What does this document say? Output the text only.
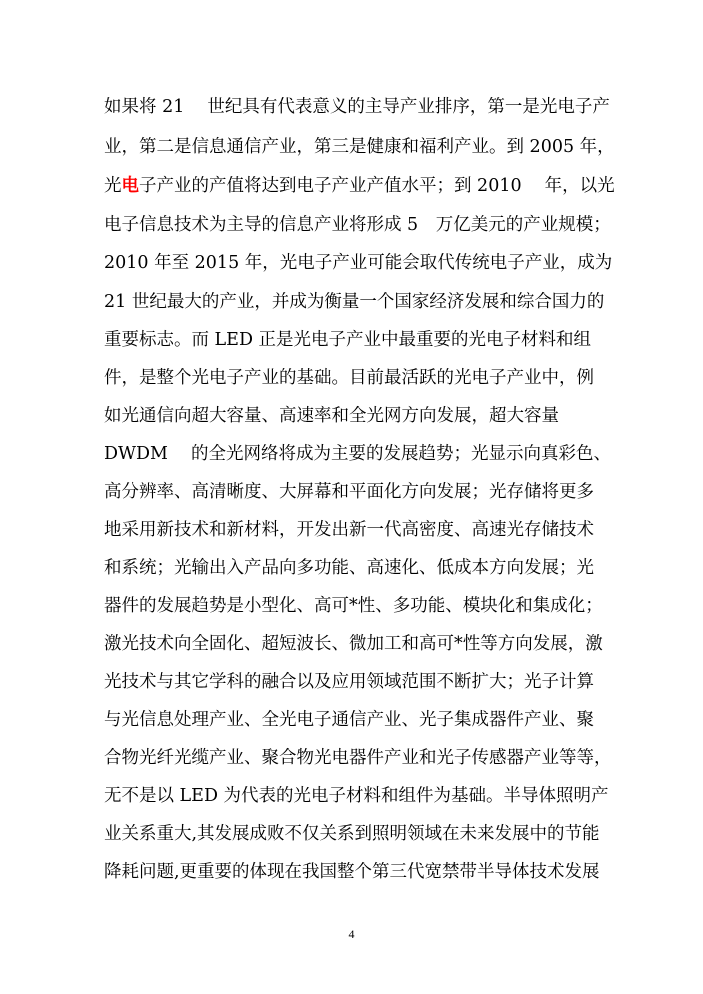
如果将 21　 世纪具有代表意义的主导产业排序，第一是光电子产
业，第二是信息通信产业，第三是健康和福利产业。到 2005 年，
光电子产业的产值将达到电子产业产值水平；到 2010　 年，以光
电子信息技术为主导的信息产业将形成 5　万亿美元的产业规模；
2010 年至 2015 年，光电子产业可能会取代传统电子产业，成为
21 世纪最大的产业，并成为衡量一个国家经济发展和综合国力的
重要标志。而 LED 正是光电子产业中最重要的光电子材料和组
件，是整个光电子产业的基础。目前最活跃的光电子产业中，例
如光通信向超大容量、高速率和全光网方向发展，超大容量
DWDM　 的全光网络将成为主要的发展趋势；光显示向真彩色、
高分辨率、高清晰度、大屏幕和平面化方向发展；光存储将更多
地采用新技术和新材料，开发出新一代高密度、高速光存储技术
和系统；光输出入产品向多功能、高速化、低成本方向发展；光
器件的发展趋势是小型化、高可*性、多功能、模块化和集成化；
激光技术向全固化、超短波长、微加工和高可*性等方向发展，激
光技术与其它学科的融合以及应用领域范围不断扩大；光子计算
与光信息处理产业、全光电子通信产业、光子集成器件产业、聚
合物光纤光缆产业、聚合物光电器件产业和光子传感器产业等等，
无不是以 LED 为代表的光电子材料和组件为基础。半导体照明产
业关系重大,其发展成败不仅关系到照明领域在未来发展中的节能
降耗问题,更重要的体现在我国整个第三代宽禁带半导体技术发展
4
